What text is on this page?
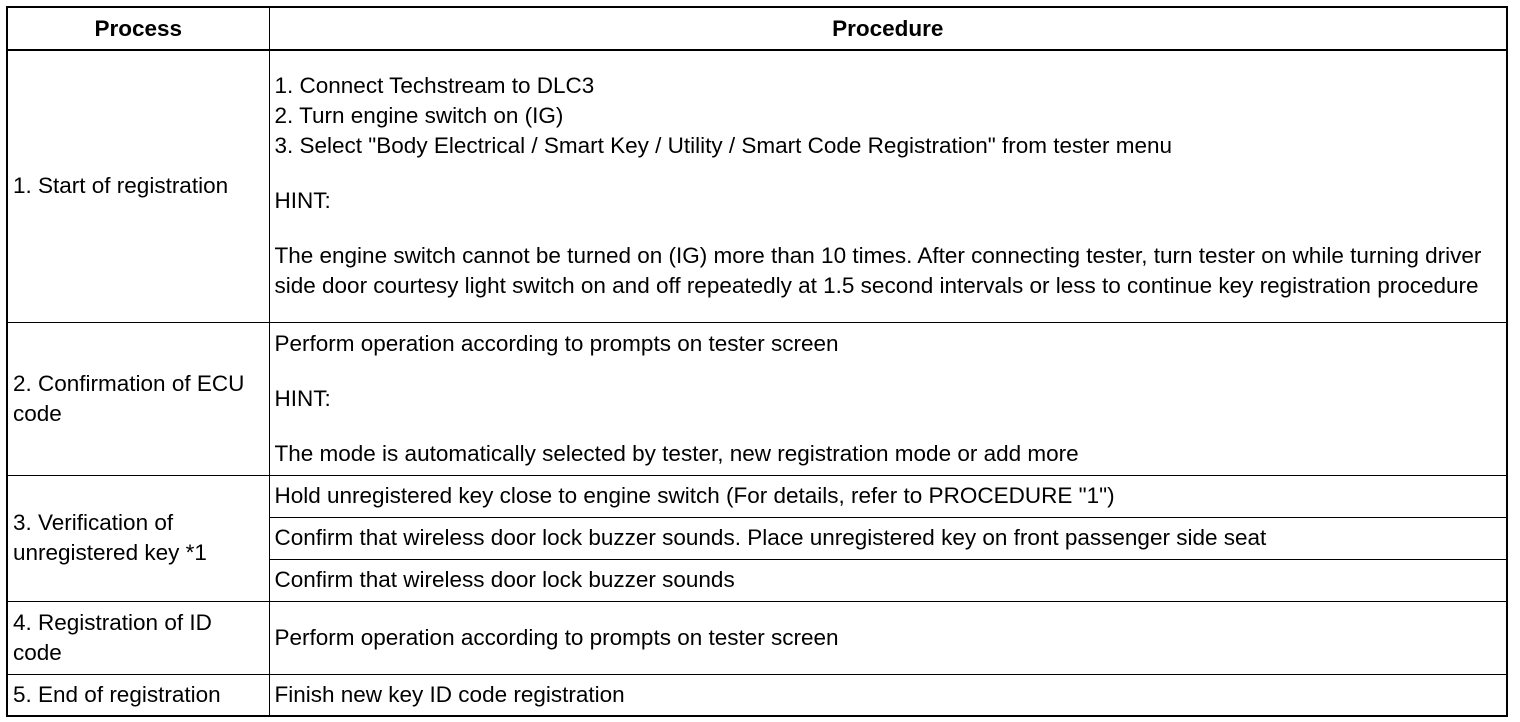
Process	Procedure
1. Start of registration	1. Connect Techstream to DLC3
2. Turn engine switch on (IG)
3. Select "Body Electrical / Smart Key / Utility / Smart Code Registration" from tester menu
HINT:
The engine switch cannot be turned on (IG) more than 10 times. After connecting tester, turn tester on while turning driver side door courtesy light switch on and off repeatedly at 1.5 second intervals or less to continue key registration procedure

2. Confirmation of ECU code	Perform operation according to prompts on tester screen
HINT:
The mode is automatically selected by tester, new registration mode or add more

3. Verification of unregistered key *1	Hold unregistered key close to engine switch (For details, refer to PROCEDURE "1")
	Confirm that wireless door lock buzzer sounds. Place unregistered key on front passenger side seat
	Confirm that wireless door lock buzzer sounds
4. Registration of ID code	Perform operation according to prompts on tester screen
5. End of registration	Finish new key ID code registration
